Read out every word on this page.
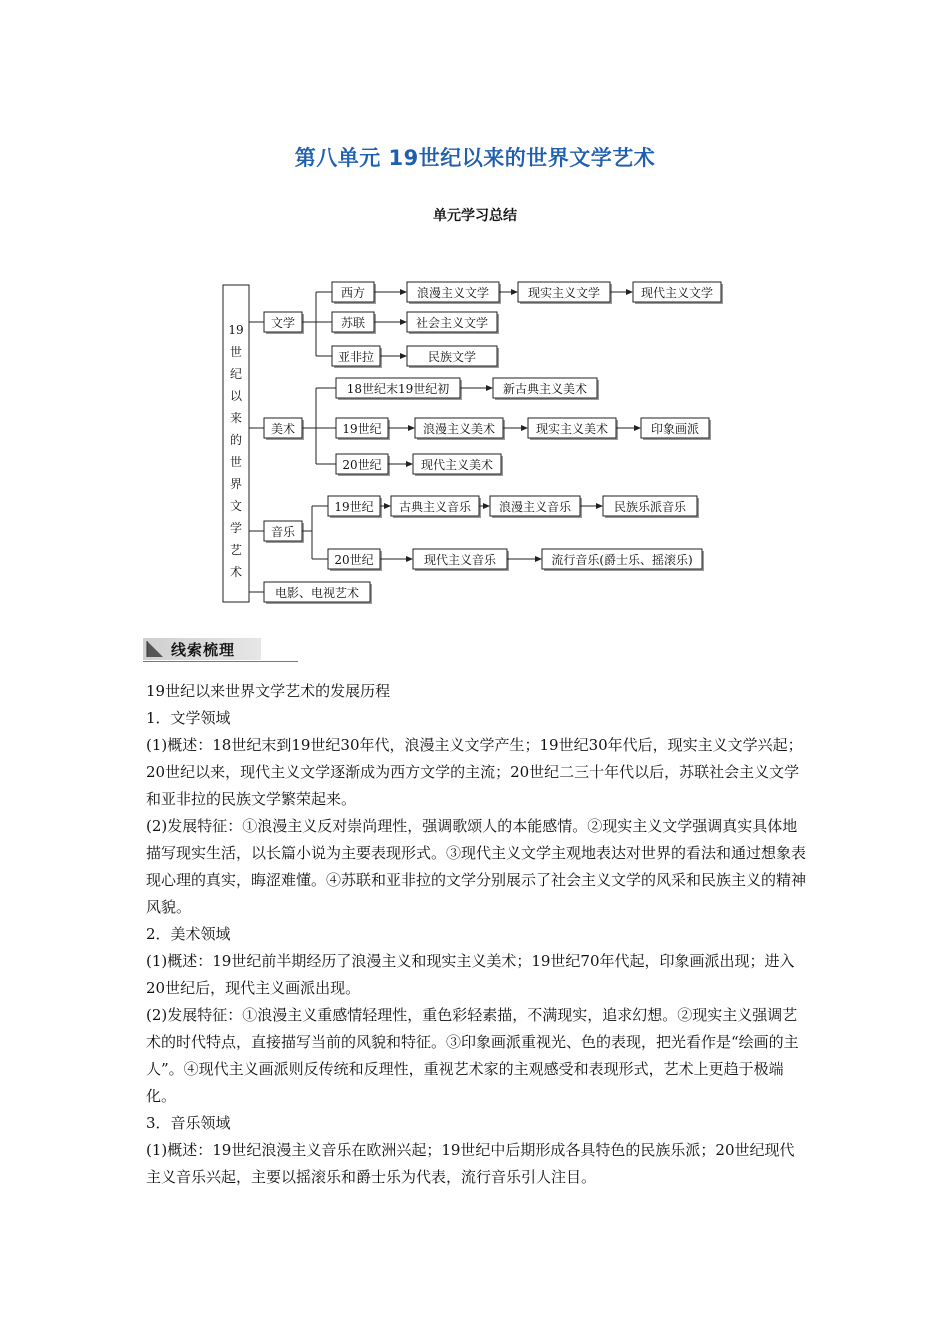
第八单元 19世纪以来的世界文学艺术
单元学习总结
19
世
纪
以
来
的
世
界
文
学
艺
术
文学
美术
音乐
电影、电视艺术
西方	浪漫主义文学	现实主义文学	现代主义文学
苏联	社会主义文学
亚非拉	民族文学
18世纪末19世纪初	新古典主义美术
19世纪	浪漫主义美术	现实主义美术	印象画派
20世纪	现代主义美术
19世纪 古典主义音乐 浪漫主义音乐	民族乐派音乐
20世纪	现代主义音乐	流行音乐(爵士乐、摇滚乐)
线索梳理

19世纪以来世界文学艺术的发展历程

1．文学领域

(1)概述：18世纪末到19世纪30年代，浪漫主义文学产生；19世纪30年代后，现实主义文学兴起；20世纪以来，现代主义文学逐渐成为西方文学的主流；20世纪二三十年代以后，苏联社会主义文学和亚非拉的民族文学繁荣起来。

(2)发展特征：①浪漫主义反对崇尚理性，强调歌颂人的本能感情。②现实主义文学强调真实具体地描写现实生活，以长篇小说为主要表现形式。③现代主义文学主观地表达对世界的看法和通过想象表现心理的真实，晦涩难懂。④苏联和亚非拉的文学分别展示了社会主义文学的风采和民族主义的精神风貌。

2．美术领域

(1)概述：19世纪前半期经历了浪漫主义和现实主义美术；19世纪70年代起，印象画派出现；进入20世纪后，现代主义画派出现。

(2)发展特征：①浪漫主义重感情轻理性，重色彩轻素描，不满现实，追求幻想。②现实主义强调艺术的时代特点，直接描写当前的风貌和特征。③印象画派重视光、色的表现，把光看作是“绘画的主人”。④现代主义画派则反传统和反理性，重视艺术家的主观感受和表现形式，艺术上更趋于极端化。

3．音乐领域

(1)概述：19世纪浪漫主义音乐在欧洲兴起；19世纪中后期形成各具特色的民族乐派；20世纪现代主义音乐兴起，主要以摇滚乐和爵士乐为代表，流行音乐引人注目。
